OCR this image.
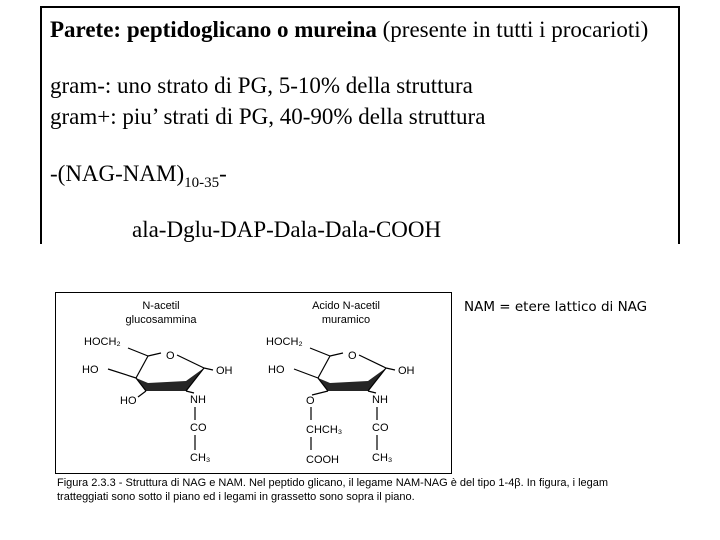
Parete: peptidoglicano o mureina (presente in tutti i procarioti)
gram-: uno strato di PG, 5-10% della struttura
gram+: piu’ strati di PG, 40-90% della struttura
$-(NAG-NAM)_{10-35}-$
ala-Dglu-DAP-Dala-Dala-COOH
N-acetil
glucosammina
HOCH₂
O
OH
HO
HO	NH
CO
CH₃
Acido N-acetil
muramico
HOCH₂
O
OH
HO
O
CHCH₃
COOH
NH
CO
CH₃
NAM = etere lattico di NAG
Figura 2.3.3 - Struttura di NAG e NAM. Nel peptido glicano, il legame NAM-NAG è del tipo 1-4β. In figura, i legam
tratteggiati sono sotto il piano ed i legami in grassetto sono sopra il piano.
